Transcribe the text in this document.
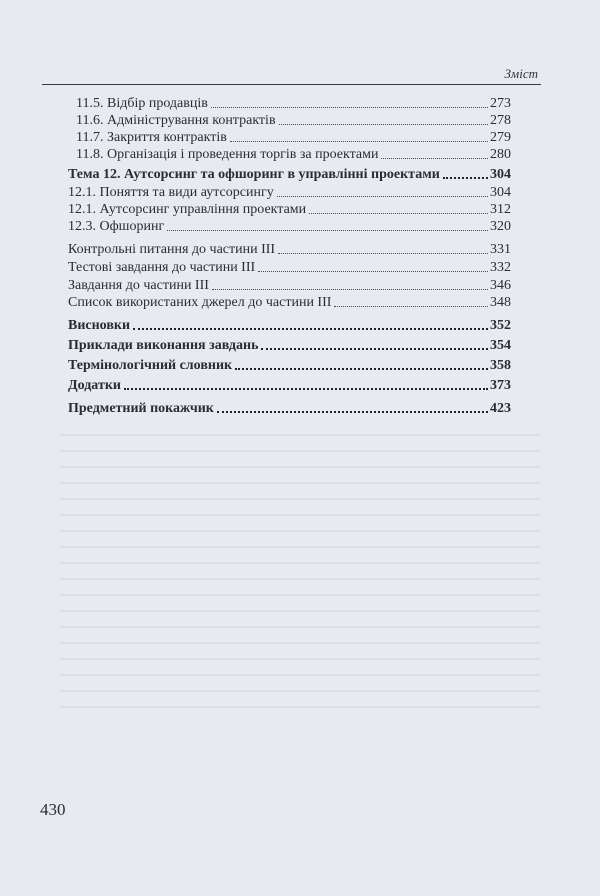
Зміст
11.5. Відбір продавців	273
11.6. Адміністрування контрактів	278
11.7. Закриття контрактів	279
11.8. Організація і проведення торгів за проектами	280
Тема 12. Аутсорсинг та офшоринг в управлінні проектами	304
12.1. Поняття та види аутсорсингу	304
12.1. Аутсорсинг управління проектами	312
12.3. Офшоринг	320
Контрольні питання до частини III	331
Тестові завдання до частини III	332
Завдання до частини III	346
Список використаних джерел до частини III	348
Висновки	352
Приклади виконання завдань	354
Термінологічний словник	358
Додатки	373
Предметний покажчик	423
430
